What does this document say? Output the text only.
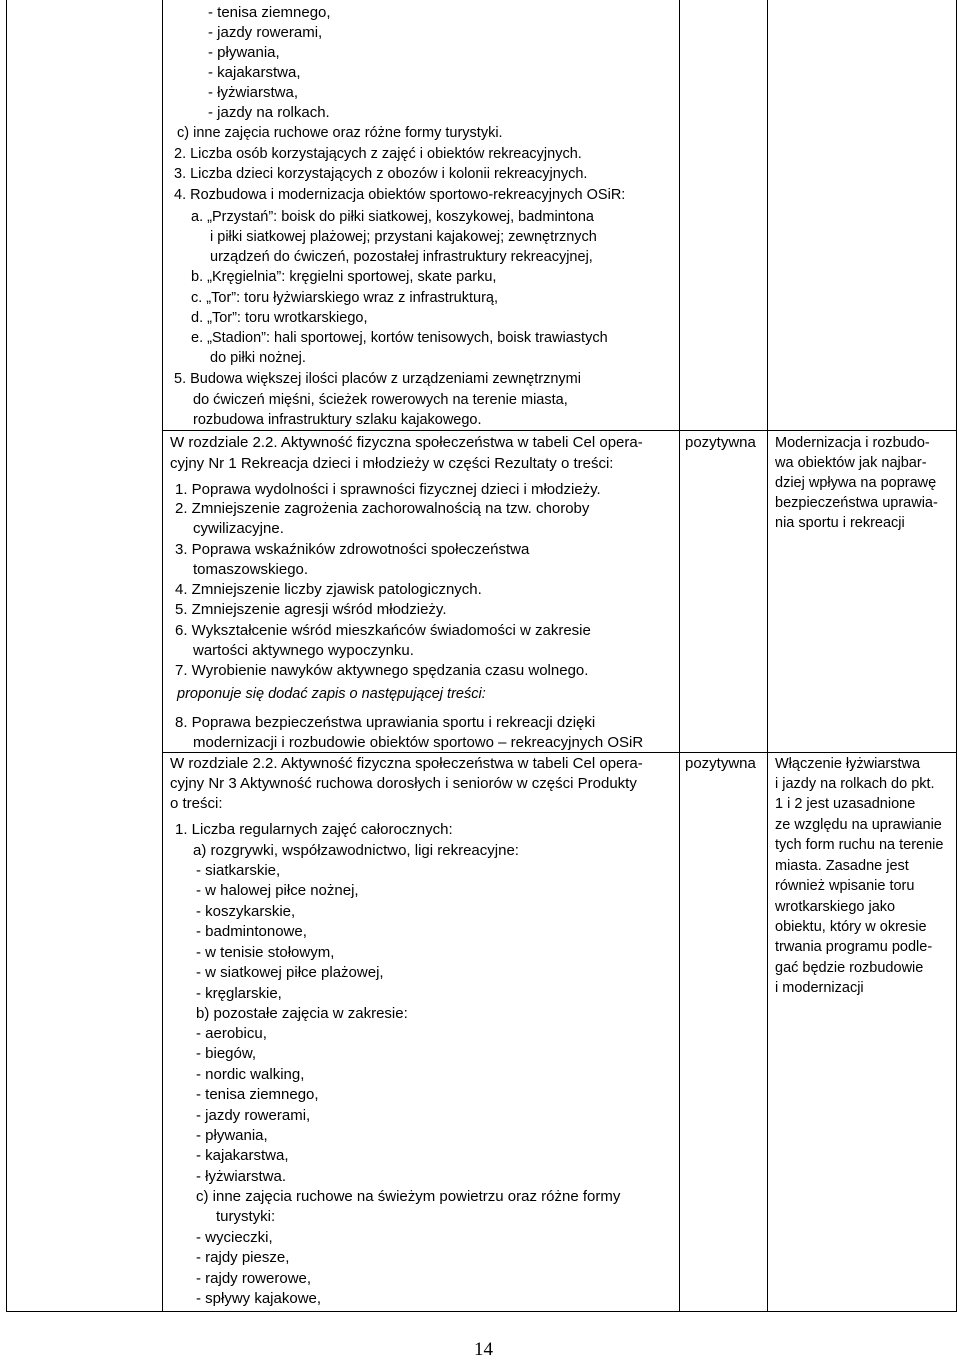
- tenisa ziemnego,
- jazdy rowerami,
- pływania,
- kajakarstwa,
- łyżwiarstwa,
- jazdy na rolkach.
c) inne zajęcia ruchowe oraz różne formy turystyki.
2. Liczba osób korzystających z zajęć i obiektów rekreacyjnych.
3. Liczba dzieci korzystających z obozów i kolonii rekreacyjnych.
4. Rozbudowa i modernizacja obiektów sportowo-rekreacyjnych OSiR:
a. „Przystań”: boisk do piłki siatkowej, koszykowej, badmintona
i piłki siatkowej plażowej; przystani kajakowej; zewnętrznych
urządzeń do ćwiczeń, pozostałej infrastruktury rekreacyjnej,
b. „Kręgielnia”: kręgielni sportowej, skate parku,
c. „Tor”: toru łyżwiarskiego wraz z infrastrukturą,
d. „Tor”: toru wrotkarskiego,
e. „Stadion”: hali sportowej, kortów tenisowych, boisk trawiastych
do piłki nożnej.
5. Budowa większej ilości placów z urządzeniami zewnętrznymi
do ćwiczeń mięśni, ścieżek rowerowych na terenie miasta,
rozbudowa infrastruktury szlaku kajakowego.
W rozdziale 2.2. Aktywność fizyczna społeczeństwa w tabeli Cel opera-
cyjny Nr 1 Rekreacja dzieci i młodzieży w części Rezultaty o treści:
1. Poprawa wydolności i sprawności fizycznej dzieci i młodzieży.
2. Zmniejszenie zagrożenia zachorowalnością na tzw. choroby
cywilizacyjne.
3. Poprawa wskaźników zdrowotności społeczeństwa
tomaszowskiego.
4. Zmniejszenie liczby zjawisk patologicznych.
5. Zmniejszenie agresji wśród młodzieży.
6. Wykształcenie wśród mieszkańców świadomości w zakresie
wartości aktywnego wypoczynku.
7. Wyrobienie nawyków aktywnego spędzania czasu wolnego.
proponuje się dodać zapis o następującej treści:
8. Poprawa bezpieczeństwa uprawiania sportu i rekreacji dzięki
modernizacji i rozbudowie obiektów sportowo – rekreacyjnych OSiR
pozytywna Modernizacja i rozbudo-
wa obiektów jak najbar-
dziej wpływa na poprawę
bezpieczeństwa uprawia-
nia sportu i rekreacji
W rozdziale 2.2. Aktywność fizyczna społeczeństwa w tabeli Cel opera-
cyjny Nr 3 Aktywność ruchowa dorosłych i seniorów w części Produkty
o treści:
1. Liczba regularnych zajęć całorocznych:
a) rozgrywki, współzawodnictwo, ligi rekreacyjne:
- siatkarskie,
- w halowej piłce nożnej,
- koszykarskie,
- badmintonowe,
- w tenisie stołowym,
- w siatkowej piłce plażowej,
- kręglarskie,
b) pozostałe zajęcia w zakresie:
- aerobicu,
- biegów,
- nordic walking,
- tenisa ziemnego,
- jazdy rowerami,
- pływania,
- kajakarstwa,
- łyżwiarstwa.
c) inne zajęcia ruchowe na świeżym powietrzu oraz różne formy
turystyki:
- wycieczki,
- rajdy piesze,
- rajdy rowerowe,
- spływy kajakowe,
pozytywna Włączenie łyżwiarstwa
i jazdy na rolkach do pkt.
1 i 2 jest uzasadnione
ze względu na uprawianie
tych form ruchu na terenie
miasta. Zasadne jest
również wpisanie toru
wrotkarskiego jako
obiektu, który w okresie
trwania programu podle-
gać będzie rozbudowie
i modernizacji
14
